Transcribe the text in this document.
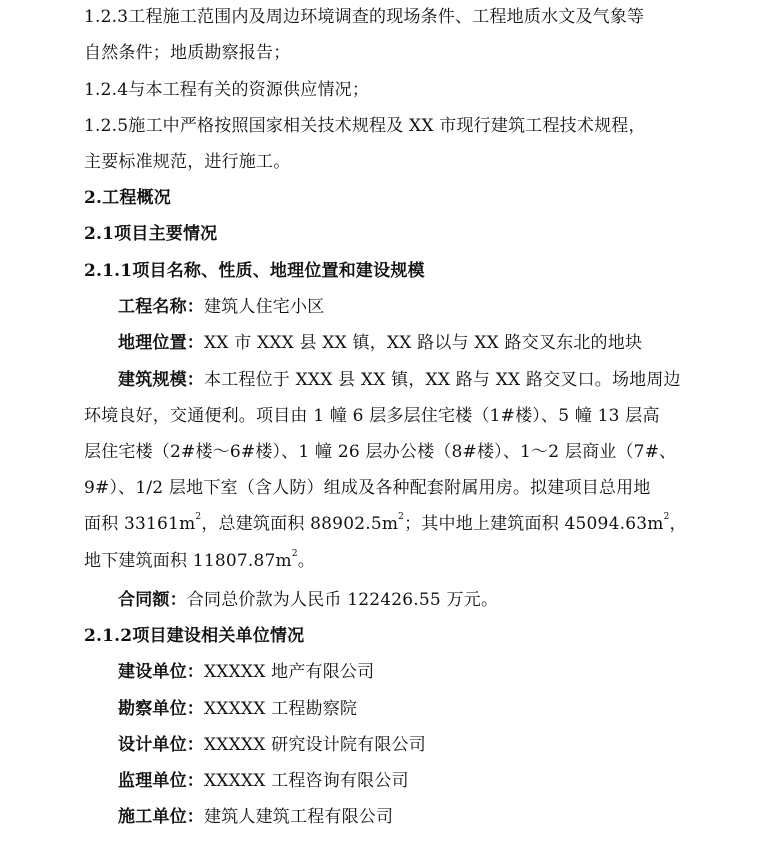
1.2.3工程施工范围内及周边环境调查的现场条件、工程地质水文及气象等
自然条件；地质勘察报告；
1.2.4与本工程有关的资源供应情况；
1.2.5施工中严格按照国家相关技术规程及 XX 市现行建筑工程技术规程，
主要标准规范，进行施工。
2.工程概况
2.1项目主要情况
2.1.1项目名称、性质、地理位置和建设规模
工程名称：建筑人住宅小区
地理位置：XX 市 XXX 县 XX 镇，XX 路以与 XX 路交叉东北的地块
建筑规模：本工程位于 XXX 县 XX 镇，XX 路与 XX 路交叉口。场地周边
环境良好，交通便利。项目由 1 幢 6 层多层住宅楼（1#楼）、5 幢 13 层高
层住宅楼（2#楼～6#楼）、1 幢 26 层办公楼（8#楼）、1～2 层商业（7#、
9#）、1/2 层地下室（含人防）组成及各种配套附属用房。拟建项目总用地
面积 $33161m^2$，总建筑面积 $88902.5m^2$；其中地上建筑面积 $45094.63m^2$，
地下建筑面积 $11807.87m^2$。
合同额：合同总价款为人民币 122426.55 万元。
2.1.2项目建设相关单位情况
建设单位：XXXXX 地产有限公司
勘察单位：XXXXX 工程勘察院
设计单位：XXXXX 研究设计院有限公司
监理单位：XXXXX 工程咨询有限公司
施工单位：建筑人建筑工程有限公司
